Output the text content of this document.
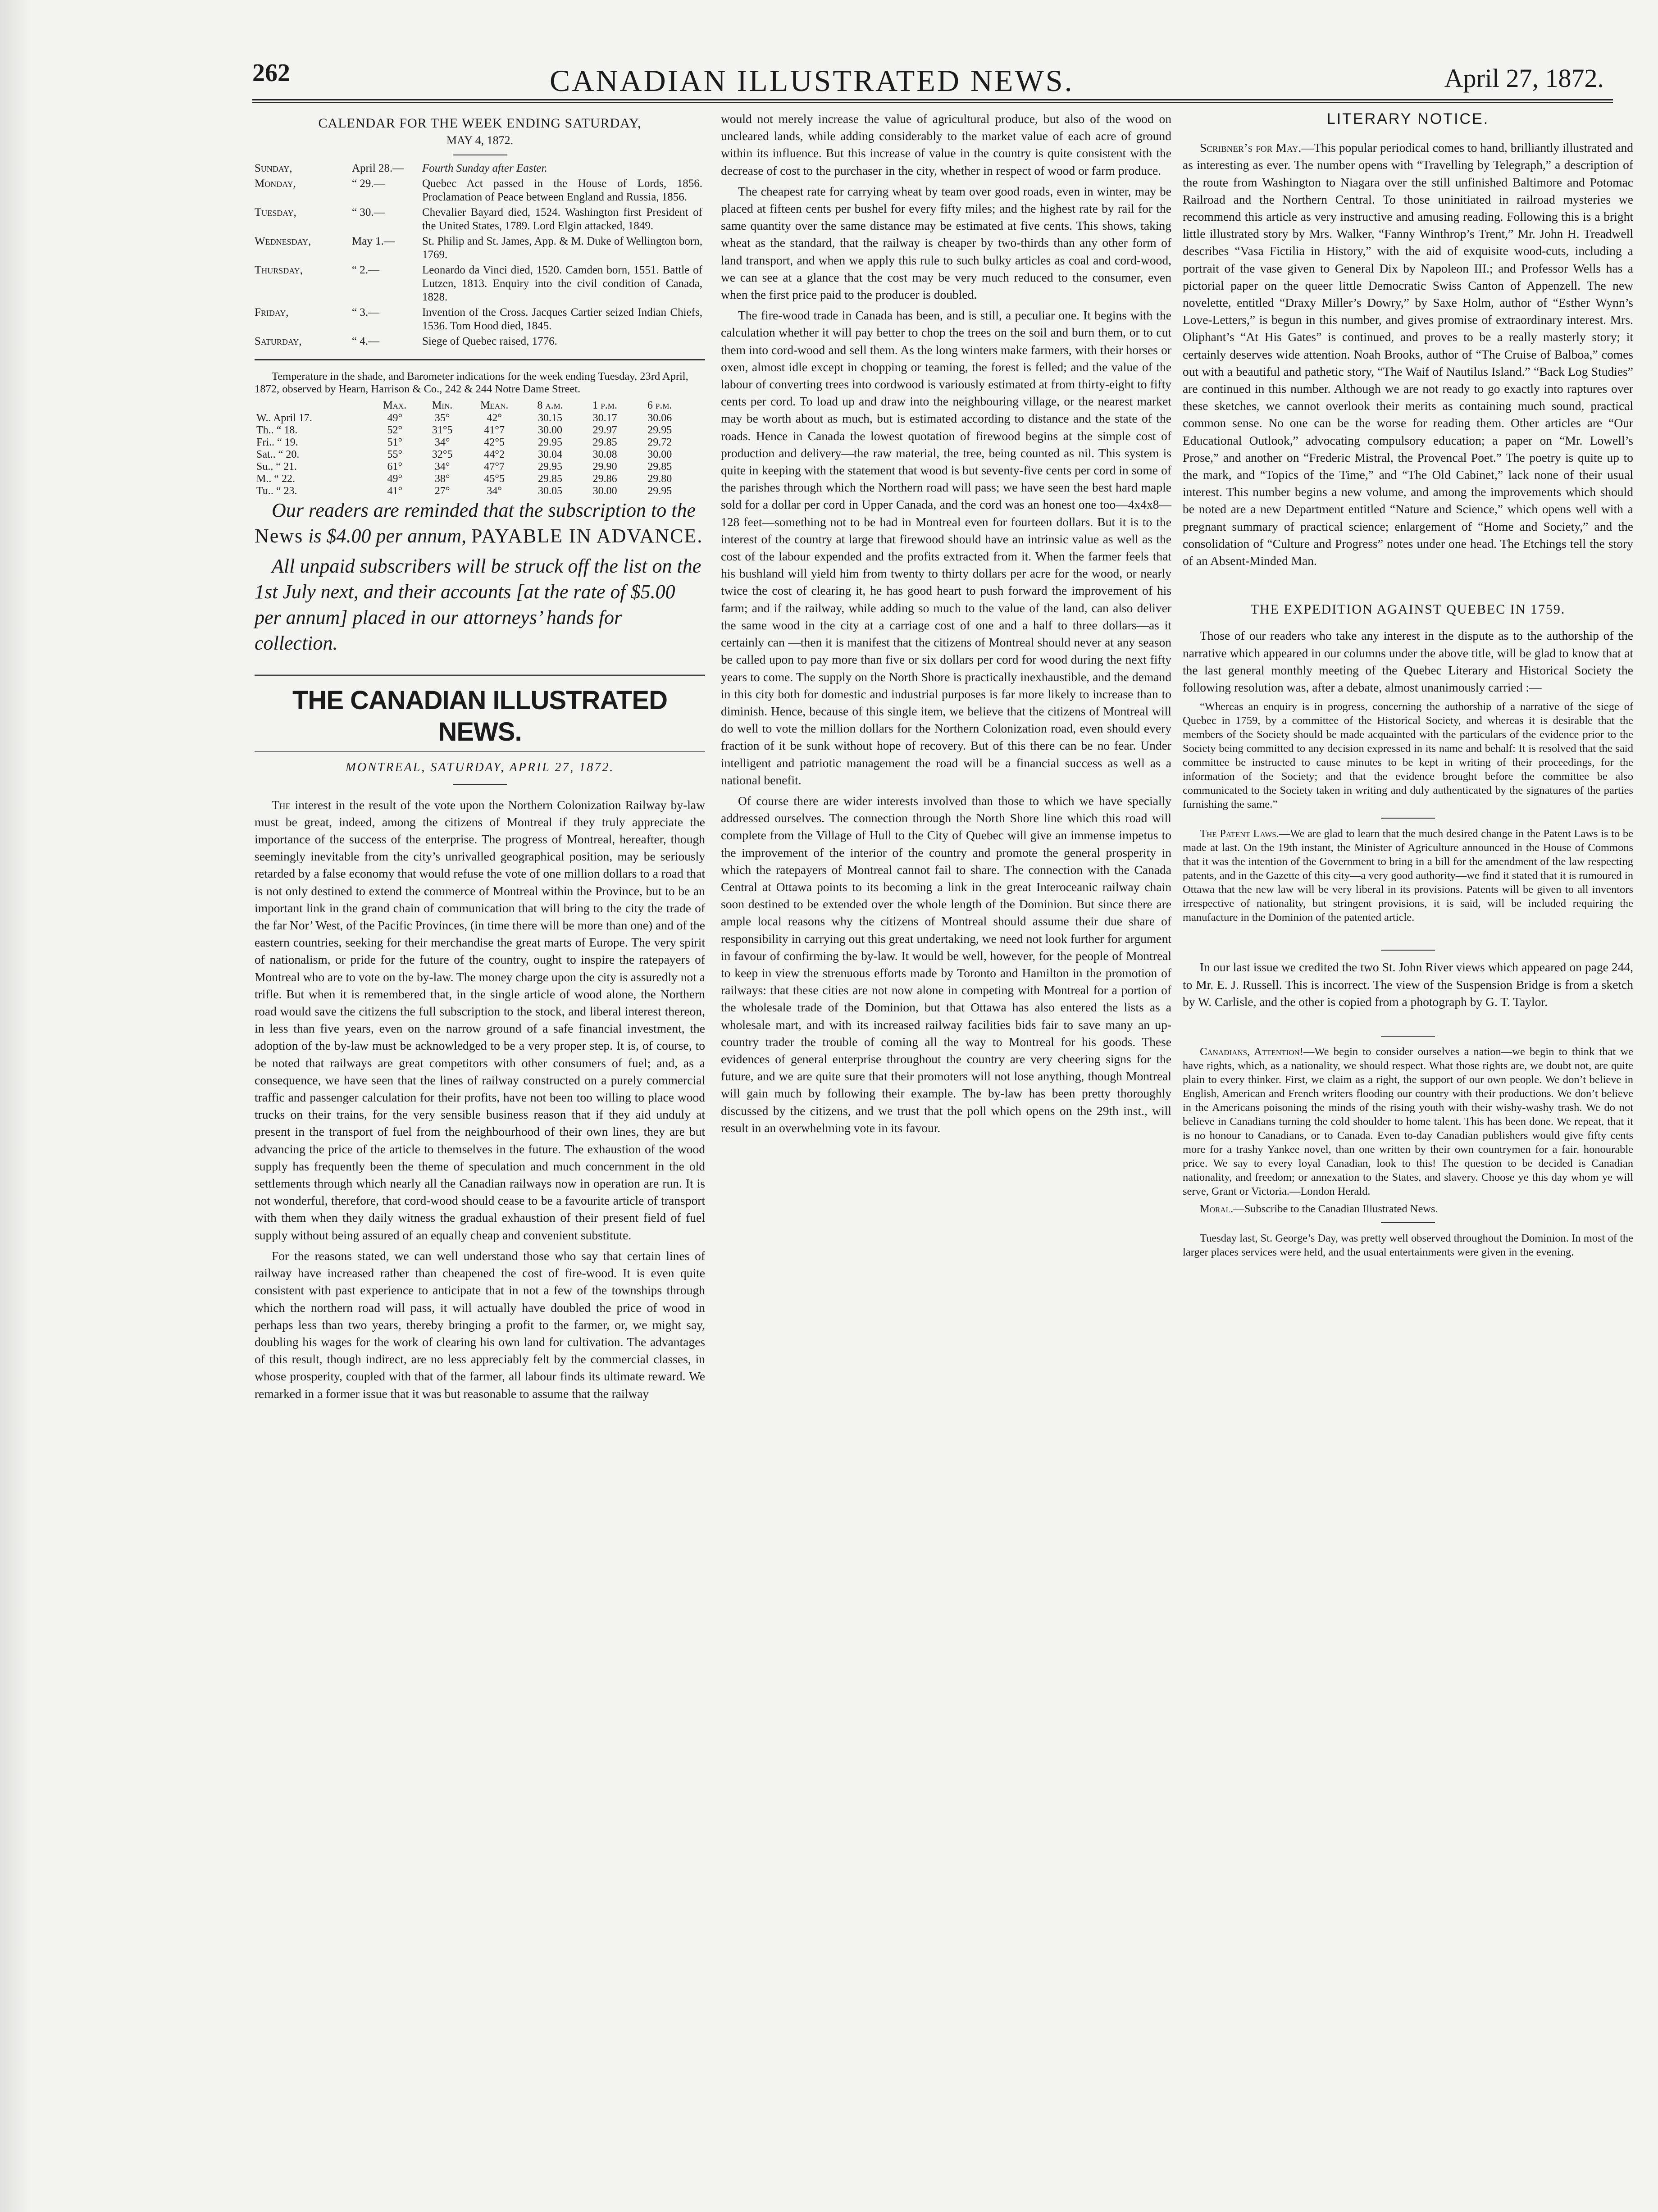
262	CANADIAN ILLUSTRATED NEWS.	April 27, 1872.
CALENDAR FOR THE WEEK ENDING SATURDAY,
MAY 4, 1872.
Sunday,	April 28.—	Fourth Sunday after Easter.
Monday,	“ 29.—	Quebec Act passed in the House of Lords, 1856. Proclamation of Peace between England and Russia, 1856.
Tuesday,	“ 30.—	Chevalier Bayard died, 1524. Washington first President of the United States, 1789. Lord Elgin attacked, 1849.
Wednesday,	May 1.—	St. Philip and St. James, App. & M. Duke of Wellington born, 1769.
Thursday,	“ 2.—	Leonardo da Vinci died, 1520. Camden born, 1551. Battle of Lutzen, 1813. Enquiry into the civil condition of Canada, 1828.
Friday,	“ 3.—	Invention of the Cross. Jacques Cartier seized Indian Chiefs, 1536. Tom Hood died, 1845.
Saturday,	“ 4.—	Siege of Quebec raised, 1776.

Temperature in the shade, and Barometer indications for the week ending Tuesday, 23rd April, 1872, observed by Hearn, Harrison & Co., 242 & 244 Notre Dame Street.

	Max.	Min.	Mean.	8 a.m.	1 p.m.	6 p.m.
W.. April 17.	49°	35°	42°	30.15	30.17	30.06
Th.. “ 18.	52°	31°5	41°7	30.00	29.97	29.95
Fri.. “ 19.	51°	34°	42°5	29.95	29.85	29.72
Sat.. “ 20.	55°	32°5	44°2	30.04	30.08	30.00
Su.. “ 21.	61°	34°	47°7	29.95	29.90	29.85
M.. “ 22.	49°	38°	45°5	29.85	29.86	29.80
Tu.. “ 23.	41°	27°	34°	30.05	30.00	29.95

Our readers are reminded that the subscription to the News is $4.00 per annum, PAYABLE IN ADVANCE.

All unpaid subscribers will be struck off the list on the 1st July next, and their accounts [at the rate of $5.00 per annum] placed in our attorneys’ hands for collection.

THE CANADIAN ILLUSTRATED NEWS.
MONTREAL, SATURDAY, APRIL 27, 1872.

The interest in the result of the vote upon the Northern Colonization Railway by-law must be great, indeed, among the citizens of Montreal if they truly appreciate the importance of the success of the enterprise. The progress of Montreal, hereafter, though seemingly inevitable from the city’s unrivalled geographical position, may be seriously retarded by a false economy that would refuse the vote of one million dollars to a road that is not only destined to extend the commerce of Montreal within the Province, but to be an important link in the grand chain of communication that will bring to the city the trade of the far Nor’ West, of the Pacific Provinces, (in time there will be more than one) and of the eastern countries, seeking for their merchandise the great marts of Europe. The very spirit of nationalism, or pride for the future of the country, ought to inspire the ratepayers of Montreal who are to vote on the by-law. The money charge upon the city is assuredly not a trifle. But when it is remembered that, in the single article of wood alone, the Northern road would save the citizens the full subscription to the stock, and liberal interest thereon, in less than five years, even on the narrow ground of a safe financial investment, the adoption of the by-law must be acknowledged to be a very proper step. It is, of course, to be noted that railways are great competitors with other consumers of fuel; and, as a consequence, we have seen that the lines of railway constructed on a purely commercial traffic and passenger calculation for their profits, have not been too willing to place wood trucks on their trains, for the very sensible business reason that if they aid unduly at present in the transport of fuel from the neighbourhood of their own lines, they are but advancing the price of the article to themselves in the future. The exhaustion of the wood supply has frequently been the theme of speculation and much concernment in the old settlements through which nearly all the Canadian railways now in operation are run. It is not wonderful, therefore, that cord-wood should cease to be a favourite article of transport with them when they daily witness the gradual exhaustion of their present field of fuel supply without being assured of an equally cheap and convenient substitute.

For the reasons stated, we can well understand those who say that certain lines of railway have increased rather than cheapened the cost of fire-wood. It is even quite consistent with past experience to anticipate that in not a few of the townships through which the northern road will pass, it will actually have doubled the price of wood in perhaps less than two years, thereby bringing a profit to the farmer, or, we might say, doubling his wages for the work of clearing his own land for cultivation. The advantages of this result, though indirect, are no less appreciably felt by the commercial classes, in whose prosperity, coupled with that of the farmer, all labour finds its ultimate reward. We remarked in a former issue that it was but reasonable to assume that the railway

would not merely increase the value of agricultural produce, but also of the wood on uncleared lands, while adding considerably to the market value of each acre of ground within its influence. But this increase of value in the country is quite consistent with the decrease of cost to the purchaser in the city, whether in respect of wood or farm produce.

The cheapest rate for carrying wheat by team over good roads, even in winter, may be placed at fifteen cents per bushel for every fifty miles; and the highest rate by rail for the same quantity over the same distance may be estimated at five cents. This shows, taking wheat as the standard, that the railway is cheaper by two-thirds than any other form of land transport, and when we apply this rule to such bulky articles as coal and cord-wood, we can see at a glance that the cost may be very much reduced to the consumer, even when the first price paid to the producer is doubled.

The fire-wood trade in Canada has been, and is still, a peculiar one. It begins with the calculation whether it will pay better to chop the trees on the soil and burn them, or to cut them into cord-wood and sell them. As the long winters make farmers, with their horses or oxen, almost idle except in chopping or teaming, the forest is felled; and the value of the labour of converting trees into cordwood is variously estimated at from thirty-eight to fifty cents per cord. To load up and draw into the neighbouring village, or the nearest market may be worth about as much, but is estimated according to distance and the state of the roads. Hence in Canada the lowest quotation of firewood begins at the simple cost of production and delivery—the raw material, the tree, being counted as nil. This system is quite in keeping with the statement that wood is but seventy-five cents per cord in some of the parishes through which the Northern road will pass; we have seen the best hard maple sold for a dollar per cord in Upper Canada, and the cord was an honest one too—4x4x8—128 feet—something not to be had in Montreal even for fourteen dollars. But it is to the interest of the country at large that firewood should have an intrinsic value as well as the cost of the labour expended and the profits extracted from it. When the farmer feels that his bushland will yield him from twenty to thirty dollars per acre for the wood, or nearly twice the cost of clearing it, he has good heart to push forward the improvement of his farm; and if the railway, while adding so much to the value of the land, can also deliver the same wood in the city at a carriage cost of one and a half to three dollars—as it certainly can —then it is manifest that the citizens of Montreal should never at any season be called upon to pay more than five or six dollars per cord for wood during the next fifty years to come. The supply on the North Shore is practically inexhaustible, and the demand in this city both for domestic and industrial purposes is far more likely to increase than to diminish. Hence, because of this single item, we believe that the citizens of Montreal will do well to vote the million dollars for the Northern Colonization road, even should every fraction of it be sunk without hope of recovery. But of this there can be no fear. Under intelligent and patriotic management the road will be a financial success as well as a national benefit.

Of course there are wider interests involved than those to which we have specially addressed ourselves. The connection through the North Shore line which this road will complete from the Village of Hull to the City of Quebec will give an immense impetus to the improvement of the interior of the country and promote the general prosperity in which the ratepayers of Montreal cannot fail to share. The connection with the Canada Central at Ottawa points to its becoming a link in the great Interoceanic railway chain soon destined to be extended over the whole length of the Dominion. But since there are ample local reasons why the citizens of Montreal should assume their due share of responsibility in carrying out this great undertaking, we need not look further for argument in favour of confirming the by-law. It would be well, however, for the people of Montreal to keep in view the strenuous efforts made by Toronto and Hamilton in the promotion of railways: that these cities are not now alone in competing with Montreal for a portion of the wholesale trade of the Dominion, but that Ottawa has also entered the lists as a wholesale mart, and with its increased railway facilities bids fair to save many an up-country trader the trouble of coming all the way to Montreal for his goods. These evidences of general enterprise throughout the country are very cheering signs for the future, and we are quite sure that their promoters will not lose anything, though Montreal will gain much by following their example. The by-law has been pretty thoroughly discussed by the citizens, and we trust that the poll which opens on the 29th inst., will result in an overwhelming vote in its favour.

LITERARY NOTICE.

Scribner’s for May.—This popular periodical comes to hand, brilliantly illustrated and as interesting as ever. The number opens with “Travelling by Telegraph,” a description of the route from Washington to Niagara over the still unfinished Baltimore and Potomac Railroad and the Northern Central. To those uninitiated in railroad mysteries we recommend this article as very instructive and amusing reading. Following this is a bright little illustrated story by Mrs. Walker, “Fanny Winthrop’s Trent,” Mr. John H. Treadwell describes “Vasa Fictilia in History,” with the aid of exquisite wood-cuts, including a portrait of the vase given to General Dix by Napoleon III.; and Professor Wells has a pictorial paper on the queer little Democratic Swiss Canton of Appenzell. The new novelette, entitled “Draxy Miller’s Dowry,” by Saxe Holm, author of “Esther Wynn’s Love-Letters,” is begun in this number, and gives promise of extraordinary interest. Mrs. Oliphant’s “At His Gates” is continued, and proves to be a really masterly story; it certainly deserves wide attention. Noah Brooks, author of “The Cruise of Balboa,” comes out with a beautiful and pathetic story, “The Waif of Nautilus Island.” “Back Log Studies” are continued in this number. Although we are not ready to go exactly into raptures over these sketches, we cannot overlook their merits as containing much sound, practical common sense. No one can be the worse for reading them. Other articles are “Our Educational Outlook,” advocating compulsory education; a paper on “Mr. Lowell’s Prose,” and another on “Frederic Mistral, the Provencal Poet.” The poetry is quite up to the mark, and “Topics of the Time,” and “The Old Cabinet,” lack none of their usual interest. This number begins a new volume, and among the improvements which should be noted are a new Department entitled “Nature and Science,” which opens well with a pregnant summary of practical science; enlargement of “Home and Society,” and the consolidation of “Culture and Progress” notes under one head. The Etchings tell the story of an Absent-Minded Man.

THE EXPEDITION AGAINST QUEBEC IN 1759.

Those of our readers who take any interest in the dispute as to the authorship of the narrative which appeared in our columns under the above title, will be glad to know that at the last general monthly meeting of the Quebec Literary and Historical Society the following resolution was, after a debate, almost unanimously carried :—

“Whereas an enquiry is in progress, concerning the authorship of a narrative of the siege of Quebec in 1759, by a committee of the Historical Society, and whereas it is desirable that the members of the Society should be made acquainted with the particulars of the evidence prior to the Society being committed to any decision expressed in its name and behalf: It is resolved that the said committee be instructed to cause minutes to be kept in writing of their proceedings, for the information of the Society; and that the evidence brought before the committee be also communicated to the Society taken in writing and duly authenticated by the signatures of the parties furnishing the same.”

The Patent Laws.—We are glad to learn that the much desired change in the Patent Laws is to be made at last. On the 19th instant, the Minister of Agriculture announced in the House of Commons that it was the intention of the Government to bring in a bill for the amendment of the law respecting patents, and in the Gazette of this city—a very good authority—we find it stated that it is rumoured in Ottawa that the new law will be very liberal in its provisions. Patents will be given to all inventors irrespective of nationality, but stringent provisions, it is said, will be included requiring the manufacture in the Dominion of the patented article.

In our last issue we credited the two St. John River views which appeared on page 244, to Mr. E. J. Russell. This is incorrect. The view of the Suspension Bridge is from a sketch by W. Carlisle, and the other is copied from a photograph by G. T. Taylor.

Canadians, Attention!—We begin to consider ourselves a nation—we begin to think that we have rights, which, as a nationality, we should respect. What those rights are, we doubt not, are quite plain to every thinker. First, we claim as a right, the support of our own people. We don’t believe in English, American and French writers flooding our country with their productions. We don’t believe in the Americans poisoning the minds of the rising youth with their wishy-washy trash. We do not believe in Canadians turning the cold shoulder to home talent. This has been done. We repeat, that it is no honour to Canadians, or to Canada. Even to-day Canadian publishers would give fifty cents more for a trashy Yankee novel, than one written by their own countrymen for a fair, honourable price. We say to every loyal Canadian, look to this! The question to be decided is Canadian nationality, and freedom; or annexation to the States, and slavery. Choose ye this day whom ye will serve, Grant or Victoria.—London Herald.

Moral.—Subscribe to the Canadian Illustrated News.

Tuesday last, St. George’s Day, was pretty well observed throughout the Dominion. In most of the larger places services were held, and the usual entertainments were given in the evening.
